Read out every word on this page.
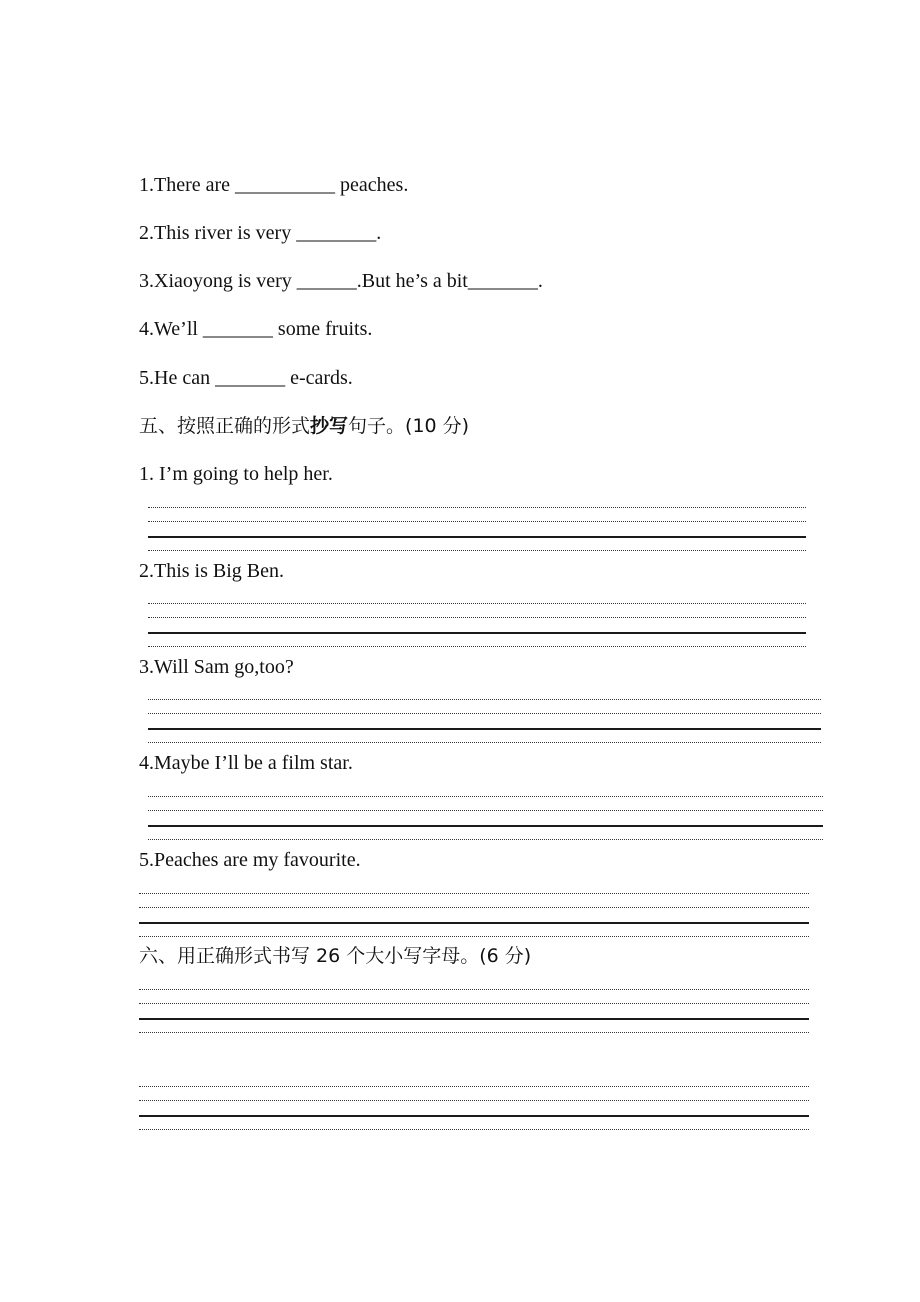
1.There are __________ peaches.
2.This river is very ________.
3.Xiaoyong is very ______.But he’s a bit_______.
4.We’ll _______ some fruits.
5.He can _______ e-cards.
五、按照正确的形式抄写句子。(10 分)
1. I’m going to help her.
2.This is Big Ben.
3.Will Sam go,too?
4.Maybe I’ll be a film star.
5.Peaches are my favourite.
六、用正确形式书写 26 个大小写字母。(6 分)
